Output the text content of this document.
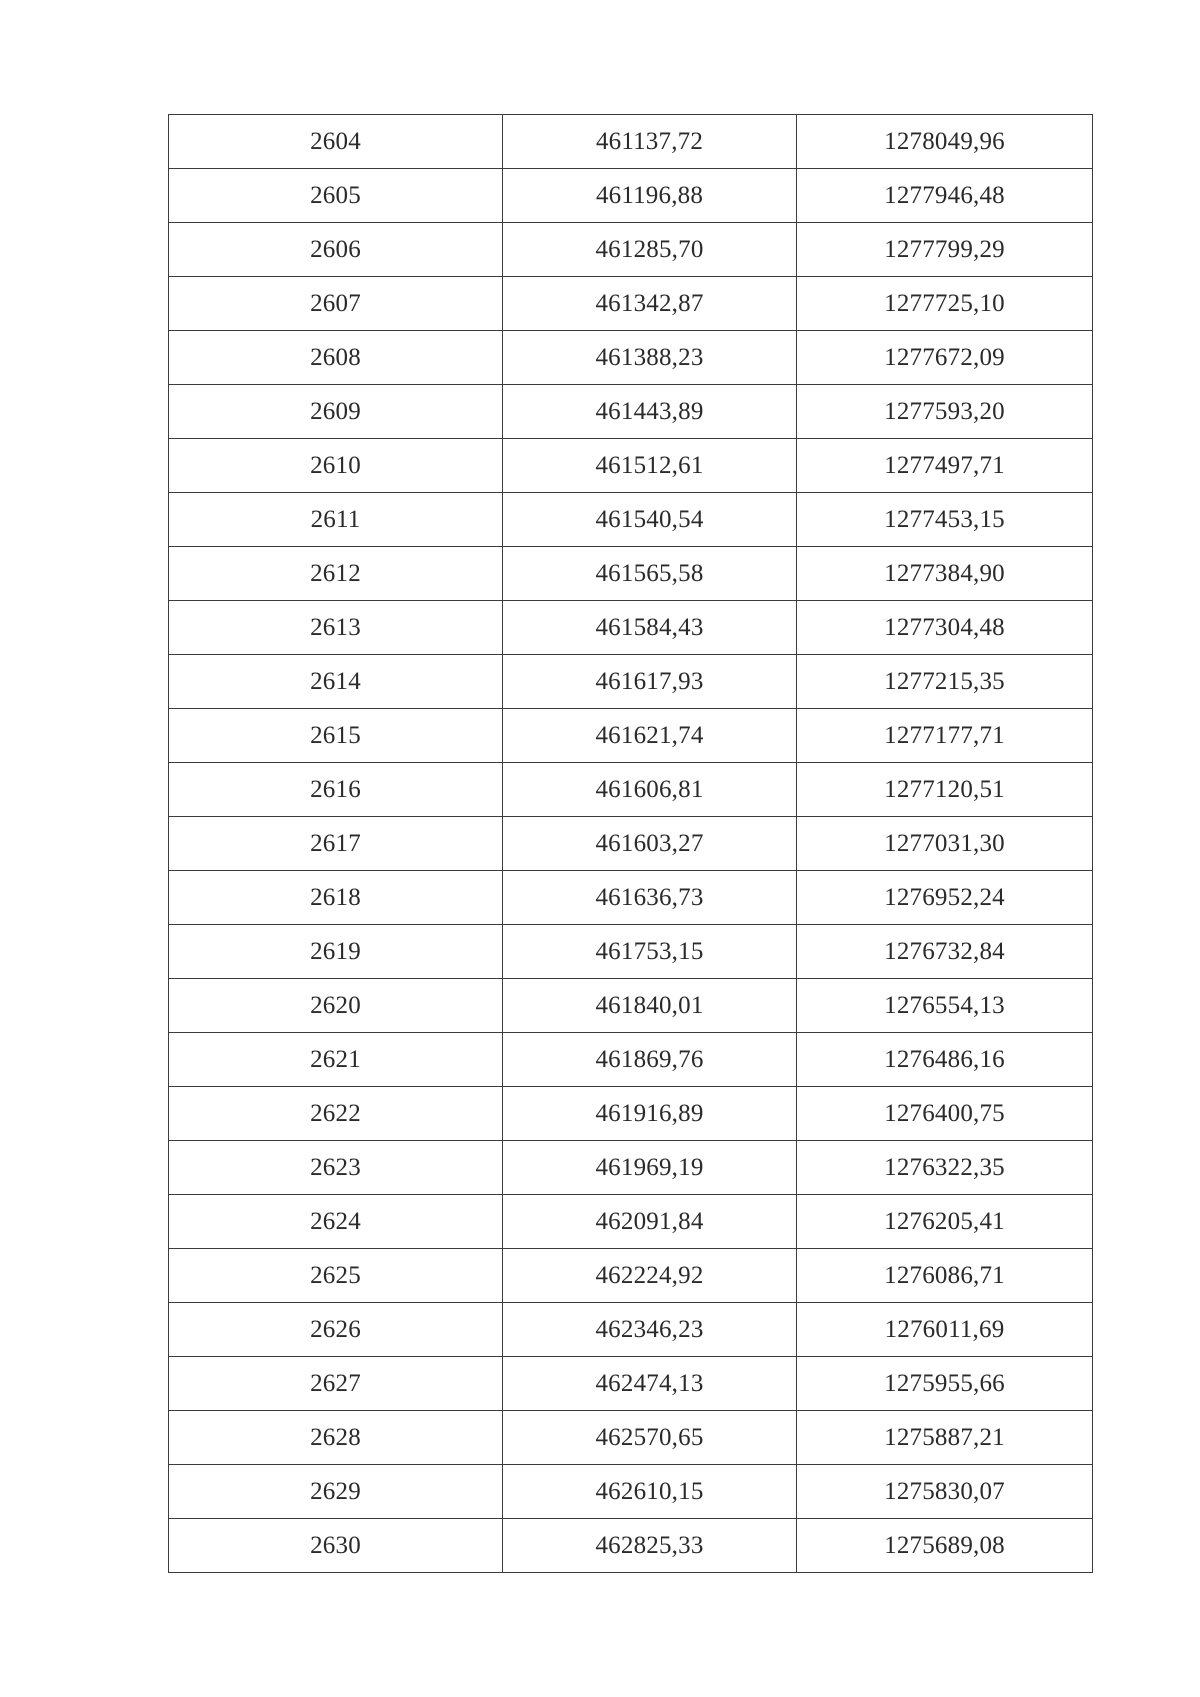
2604	461137,72	1278049,96
2605	461196,88	1277946,48
2606	461285,70	1277799,29
2607	461342,87	1277725,10
2608	461388,23	1277672,09
2609	461443,89	1277593,20
2610	461512,61	1277497,71
2611	461540,54	1277453,15
2612	461565,58	1277384,90
2613	461584,43	1277304,48
2614	461617,93	1277215,35
2615	461621,74	1277177,71
2616	461606,81	1277120,51
2617	461603,27	1277031,30
2618	461636,73	1276952,24
2619	461753,15	1276732,84
2620	461840,01	1276554,13
2621	461869,76	1276486,16
2622	461916,89	1276400,75
2623	461969,19	1276322,35
2624	462091,84	1276205,41
2625	462224,92	1276086,71
2626	462346,23	1276011,69
2627	462474,13	1275955,66
2628	462570,65	1275887,21
2629	462610,15	1275830,07
2630	462825,33	1275689,08
